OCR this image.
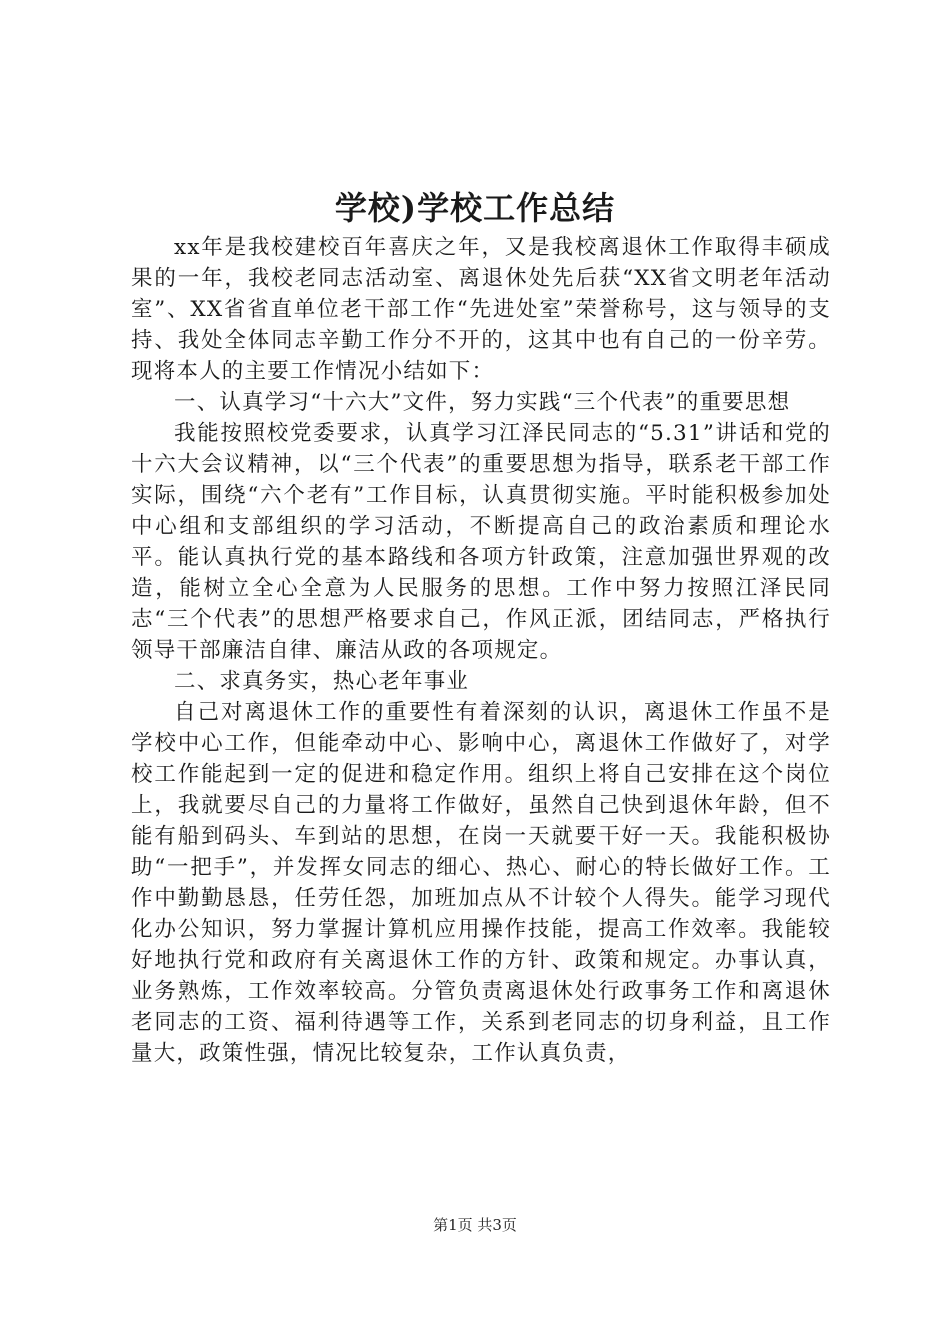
学校)学校工作总结

xx年是我校建校百年喜庆之年，又是我校离退休工作取得丰硕成果的一年，我校老同志活动室、离退休处先后获“XX省文明老年活动室”、XX省省直单位老干部工作“先进处室”荣誉称号，这与领导的支持、我处全体同志辛勤工作分不开的，这其中也有自己的一份辛劳。现将本人的主要工作情况小结如下：

一、认真学习“十六大”文件，努力实践“三个代表”的重要思想

我能按照校党委要求，认真学习江泽民同志的“5.31”讲话和党的十六大会议精神，以“三个代表”的重要思想为指导，联系老干部工作实际，围绕“六个老有”工作目标，认真贯彻实施。平时能积极参加处中心组和支部组织的学习活动，不断提高自己的政治素质和理论水平。能认真执行党的基本路线和各项方针政策，注意加强世界观的改造，能树立全心全意为人民服务的思想。工作中努力按照江泽民同志“三个代表”的思想严格要求自己，作风正派，团结同志，严格执行领导干部廉洁自律、廉洁从政的各项规定。

二、求真务实，热心老年事业

自己对离退休工作的重要性有着深刻的认识，离退休工作虽不是学校中心工作，但能牵动中心、影响中心，离退休工作做好了，对学校工作能起到一定的促进和稳定作用。组织上将自己安排在这个岗位上，我就要尽自己的力量将工作做好，虽然自己快到退休年龄，但不能有船到码头、车到站的思想，在岗一天就要干好一天。我能积极协助“一把手”，并发挥女同志的细心、热心、耐心的特长做好工作。工作中勤勤恳恳，任劳任怨，加班加点从不计较个人得失。能学习现代化办公知识，努力掌握计算机应用操作技能，提高工作效率。我能较好地执行党和政府有关离退休工作的方针、政策和规定。办事认真，业务熟炼，工作效率较高。分管负责离退休处行政事务工作和离退休老同志的工资、福利待遇等工作，关系到老同志的切身利益，且工作量大，政策性强，情况比较复杂，工作认真负责，

第1页 共3页
